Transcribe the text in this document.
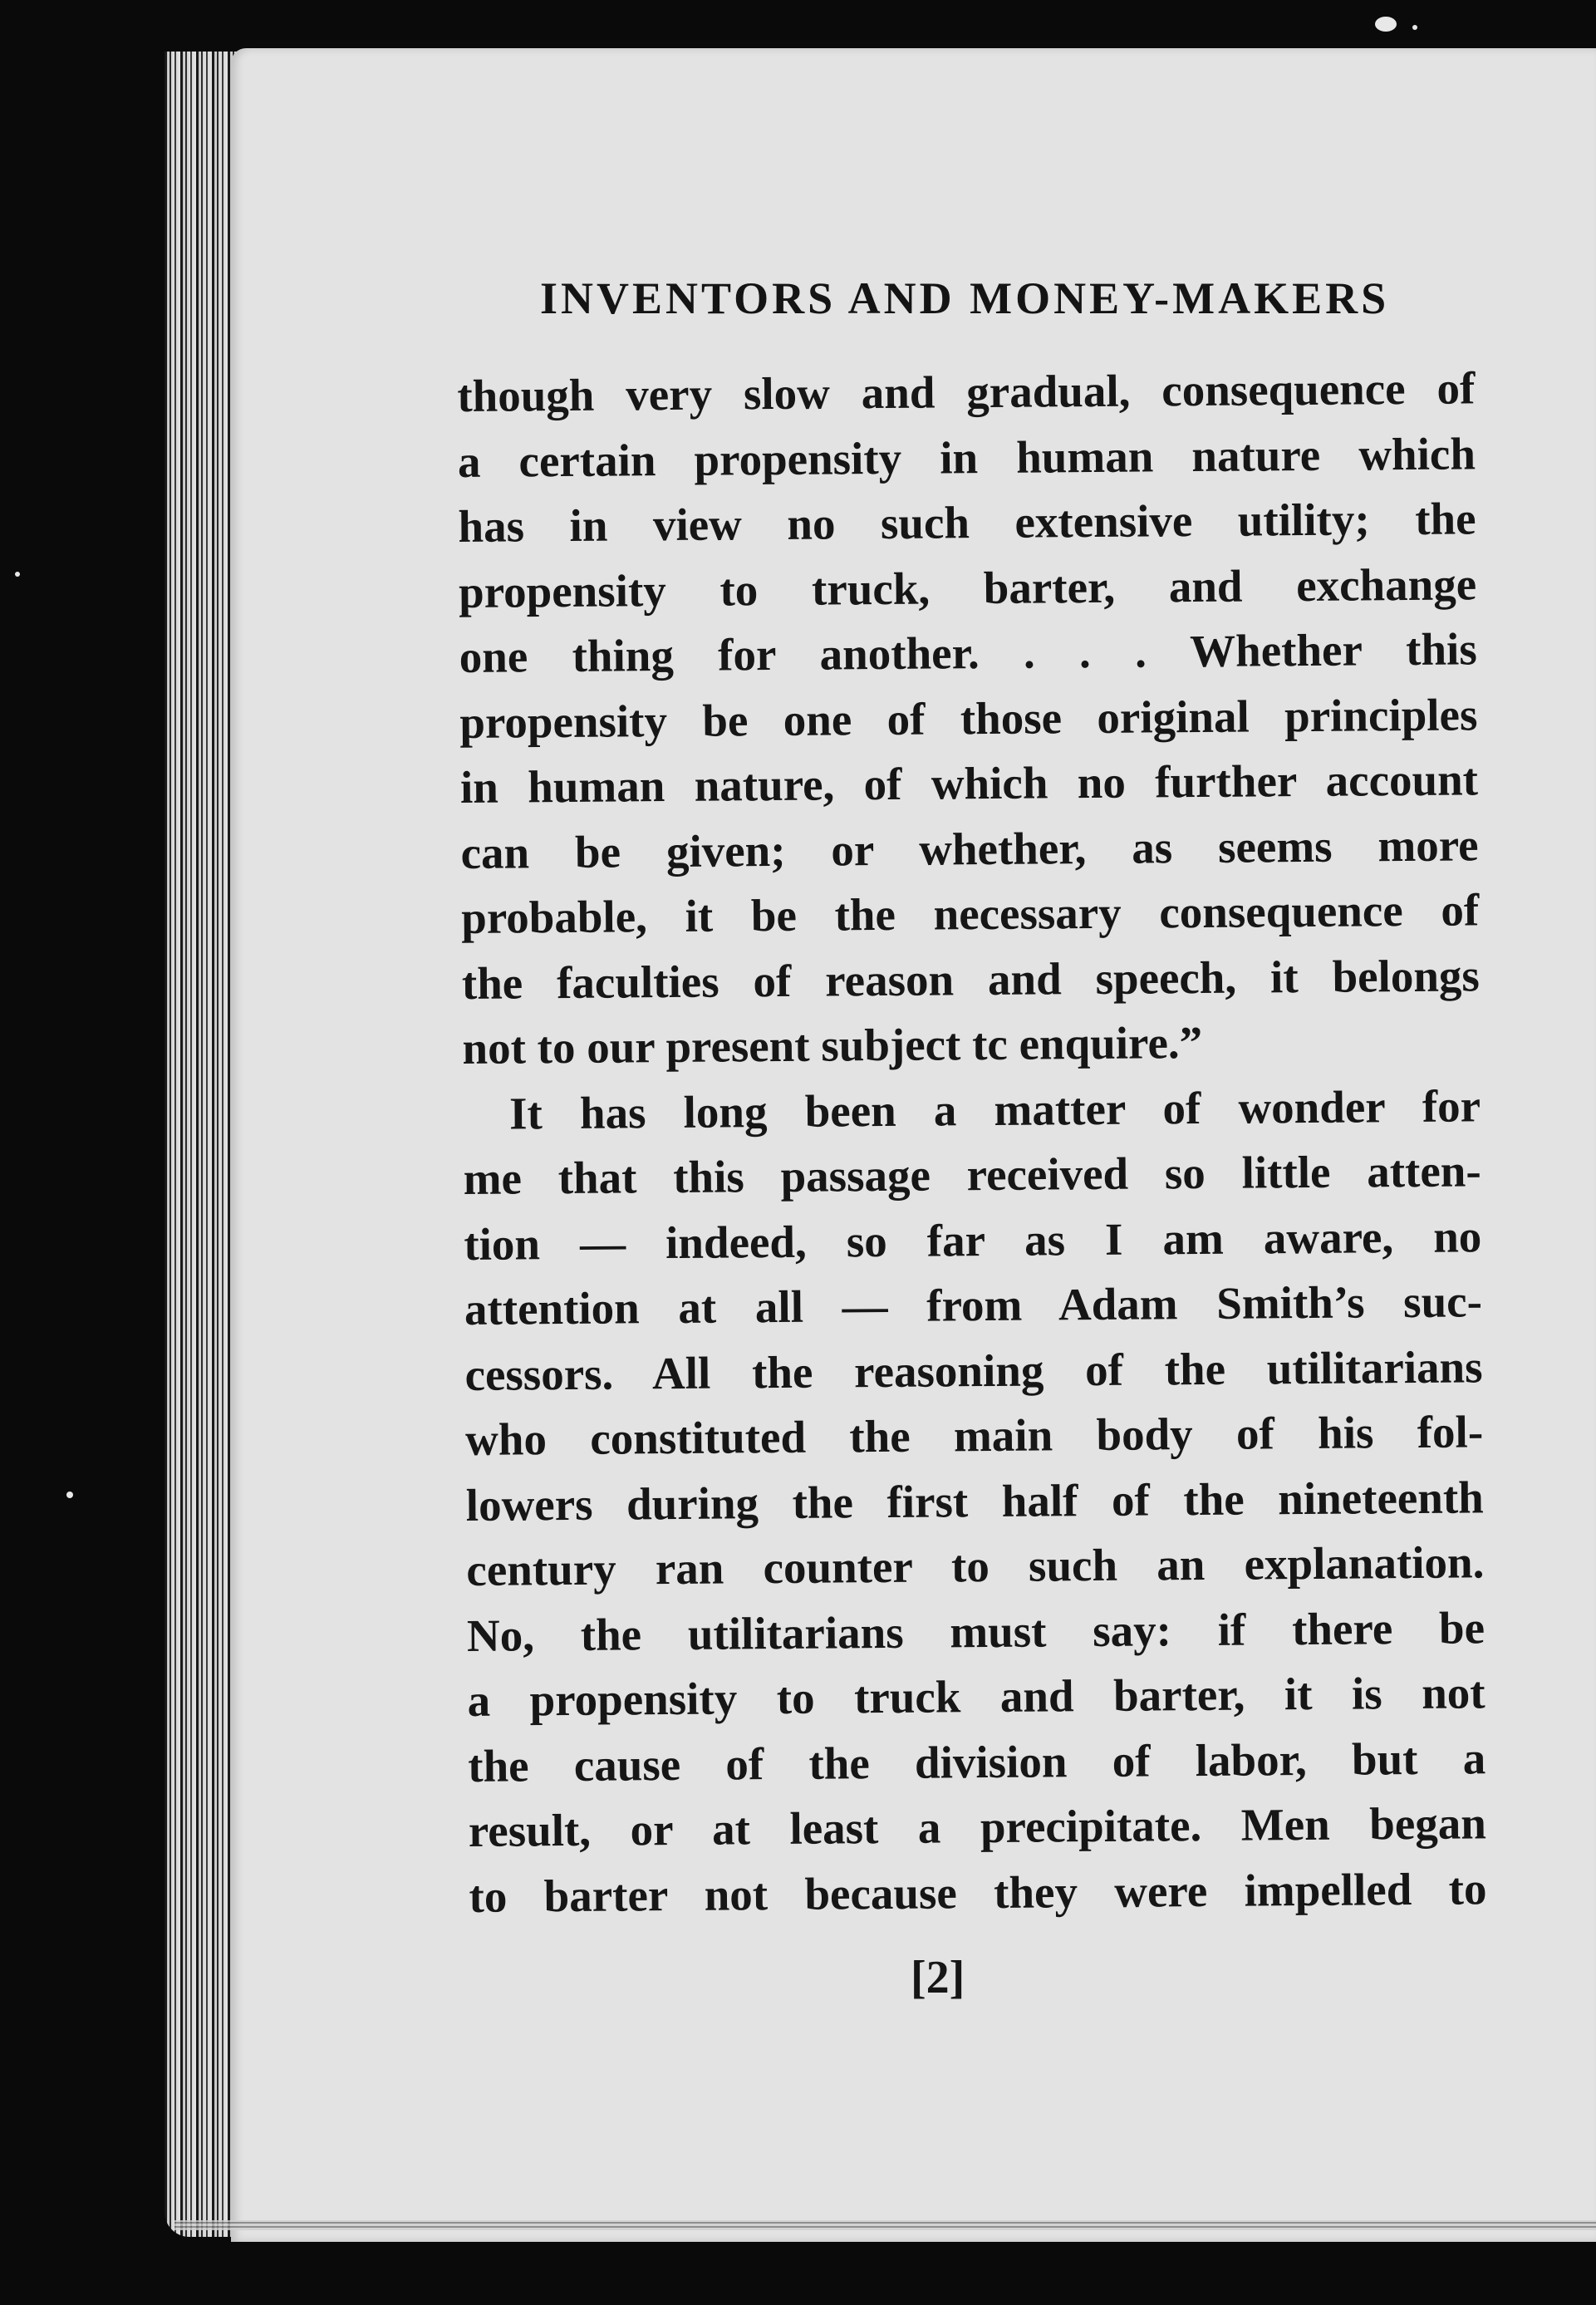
INVENTORS AND MONEY-MAKERS
though very slow and gradual, consequence of
a certain propensity in human nature which
has in view no such extensive utility; the
propensity to truck, barter, and exchange
one thing for another. . . . Whether this
propensity be one of those original principles
in human nature, of which no further account
can be given; or whether, as seems more
probable, it be the necessary consequence of
the faculties of reason and speech, it belongs
not to our present subject tc enquire.”
It has long been a matter of wonder for
me that this passage received so little atten-
tion — indeed, so far as I am aware, no
attention at all — from Adam Smith’s suc-
cessors. All the reasoning of the utilitarians
who constituted the main body of his fol-
lowers during the first half of the nineteenth
century ran counter to such an explanation.
No, the utilitarians must say: if there be
a propensity to truck and barter, it is not
the cause of the division of labor, but a
result, or at least a precipitate. Men began
to barter not because they were impelled to
[2]
